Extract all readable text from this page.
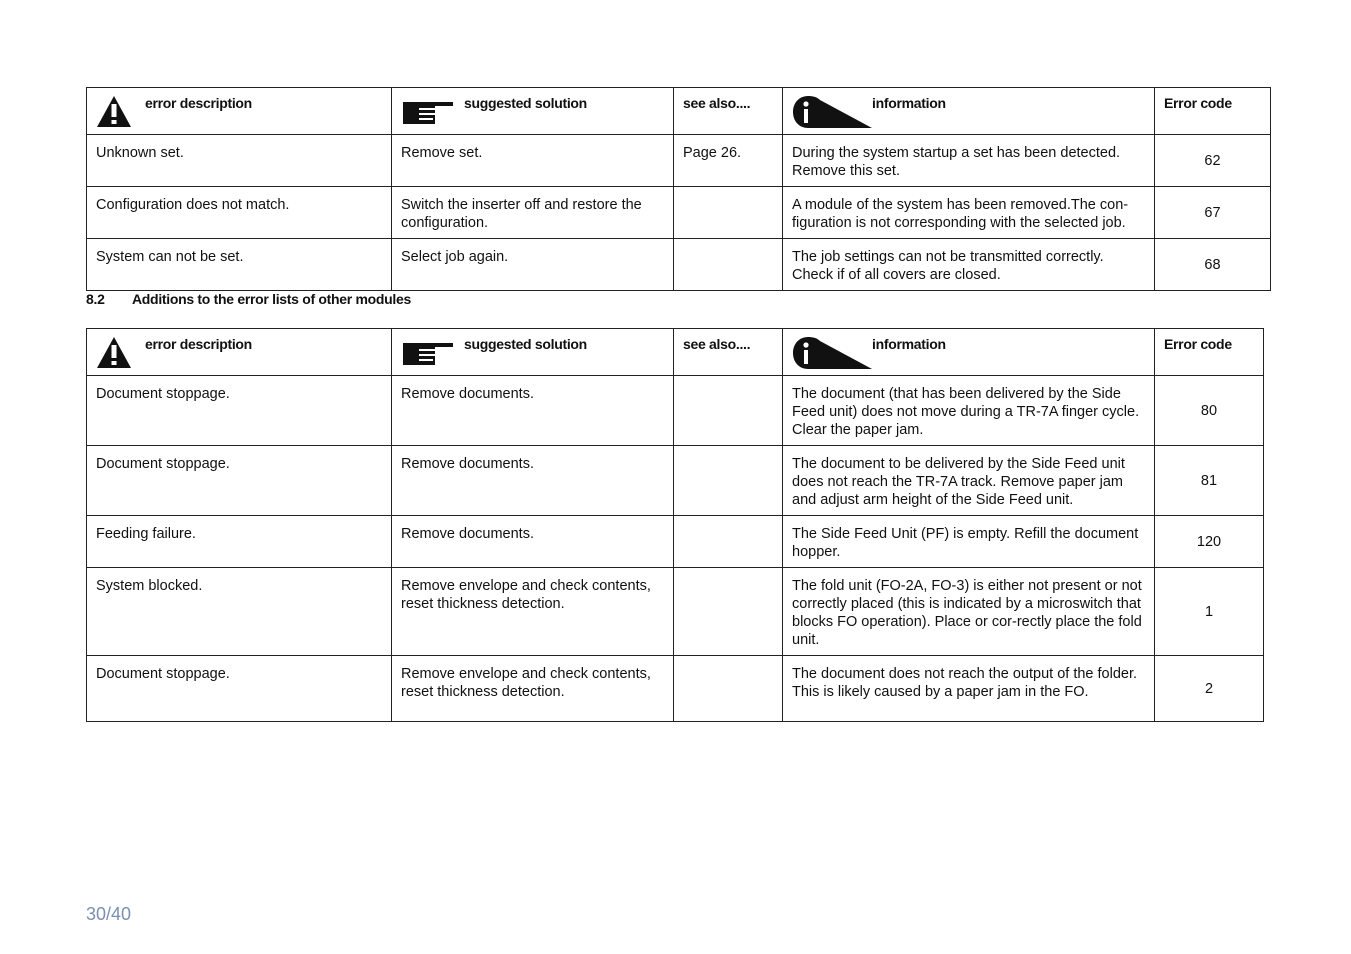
error description	suggested solution	see also....	information	Error code
Unknown set.	Remove set.	Page 26.	During the system startup a set has been detected. Remove this set.	62
Configuration does not match.	Switch the inserter off and restore the configuration.		A module of the system has been removed.The con-figuration is not corresponding with the selected job.	67
System can not be set.	Select job again.		The job settings can not be transmitted correctly. Check if of all covers are closed.	68
8.2 Additions to the error lists of other modules
error description	suggested solution	see also....	information	Error code
Document stoppage.	Remove documents.		The document (that has been delivered by the Side Feed unit) does not move during a TR-7A finger cycle. Clear the paper jam.	80
Document stoppage.	Remove documents.		The document to be delivered by the Side Feed unit does not reach the TR-7A track. Remove paper jam and adjust arm height of the Side Feed unit.	81
Feeding failure.	Remove documents.		The Side Feed Unit (PF) is empty. Refill the document hopper.	120
System blocked.	Remove envelope and check contents, reset thickness detection.		The fold unit (FO-2A, FO-3) is either not present or not correctly placed (this is indicated by a microswitch that blocks FO operation). Place or cor-rectly place the fold unit.	1
Document stoppage.	Remove envelope and check contents, reset thickness detection.		The document does not reach the output of the folder. This is likely caused by a paper jam in the FO.	2
30/40
